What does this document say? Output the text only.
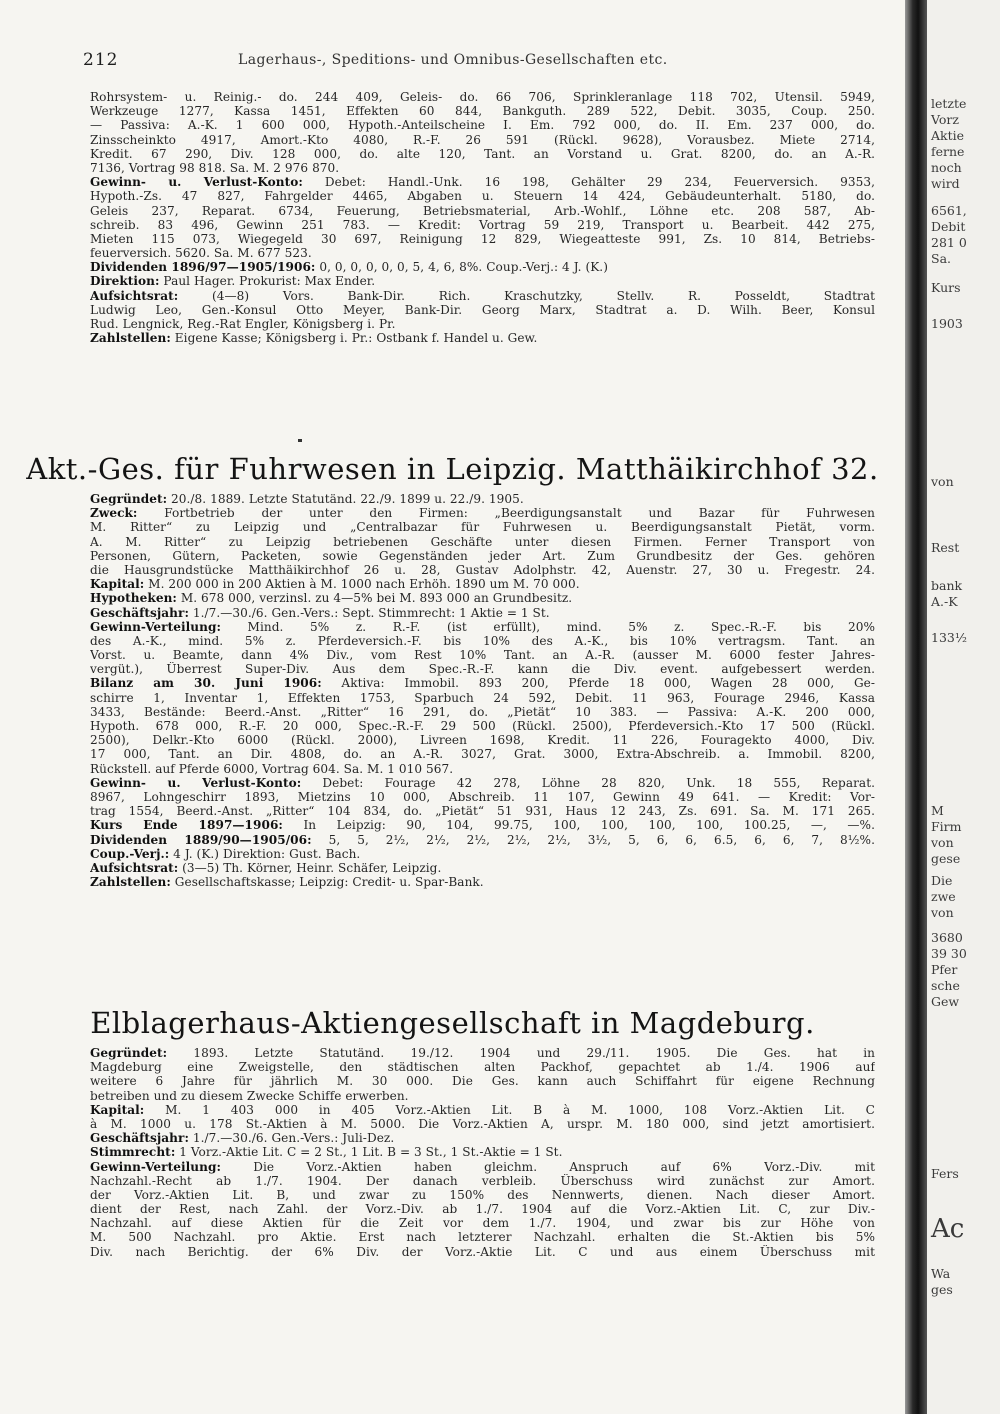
212	Lagerhaus-, Speditions- und Omnibus-Gesellschaften etc.
Rohrsystem- u. Reinig.- do. 244 409, Geleis- do. 66 706, Sprinkleranlage 118 702, Utensil. 5949,
Werkzeuge 1277, Kassa 1451, Effekten 60 844, Bankguth. 289 522, Debit. 3035, Coup. 250.
— Passiva: A.-K. 1 600 000, Hypoth.-Anteilscheine I. Em. 792 000, do. II. Em. 237 000, do.
Zinsscheinkto 4917, Amort.-Kto 4080, R.-F. 26 591 (Rückl. 9628), Vorausbez. Miete 2714,
Kredit. 67 290, Div. 128 000, do. alte 120, Tant. an Vorstand u. Grat. 8200, do. an A.-R.
7136, Vortrag 98 818. Sa. M. 2 976 870.
Gewinn- u. Verlust-Konto: Debet: Handl.-Unk. 16 198, Gehälter 29 234, Feuerversich. 9353,
Hypoth.-Zs. 47 827, Fahrgelder 4465, Abgaben u. Steuern 14 424, Gebäudeunterhalt. 5180, do.
Geleis 237, Reparat. 6734, Feuerung, Betriebsmaterial, Arb.-Wohlf., Löhne etc. 208 587, Ab-
schreib. 83 496, Gewinn 251 783. — Kredit: Vortrag 59 219, Transport u. Bearbeit. 442 275,
Mieten 115 073, Wiegegeld 30 697, Reinigung 12 829, Wiegeatteste 991, Zs. 10 814, Betriebs-
feuerversich. 5620. Sa. M. 677 523.
Dividenden 1896/97—1905/1906: 0, 0, 0, 0, 0, 0, 5, 4, 6, 8%. Coup.-Verj.: 4 J. (K.)
Direktion: Paul Hager. Prokurist: Max Ender.
Aufsichtsrat: (4—8) Vors. Bank-Dir. Rich. Kraschutzky, Stellv. R. Posseldt, Stadtrat
Ludwig Leo, Gen.-Konsul Otto Meyer, Bank-Dir. Georg Marx, Stadtrat a. D. Wilh. Beer, Konsul
Rud. Lengnick, Reg.-Rat Engler, Königsberg i. Pr.
Zahlstellen: Eigene Kasse; Königsberg i. Pr.: Ostbank f. Handel u. Gew.
Akt.-Ges. für Fuhrwesen in Leipzig. Matthäikirchhof 32.
Gegründet: 20./8. 1889. Letzte Statutänd. 22./9. 1899 u. 22./9. 1905.
Zweck: Fortbetrieb der unter den Firmen: „Beerdigungsanstalt und Bazar für Fuhrwesen
M. Ritter“ zu Leipzig und „Centralbazar für Fuhrwesen u. Beerdigungsanstalt Pietät, vorm.
A. M. Ritter“ zu Leipzig betriebenen Geschäfte unter diesen Firmen. Ferner Transport von
Personen, Gütern, Packeten, sowie Gegenständen jeder Art. Zum Grundbesitz der Ges. gehören
die Hausgrundstücke Matthäikirchhof 26 u. 28, Gustav Adolphstr. 42, Auenstr. 27, 30 u. Fregestr. 24.
Kapital: M. 200 000 in 200 Aktien à M. 1000 nach Erhöh. 1890 um M. 70 000.
Hypotheken: M. 678 000, verzinsl. zu 4—5% bei M. 893 000 an Grundbesitz.
Geschäftsjahr: 1./7.—30./6. Gen.-Vers.: Sept. Stimmrecht: 1 Aktie = 1 St.
Gewinn-Verteilung: Mind. 5% z. R.-F. (ist erfüllt), mind. 5% z. Spec.-R.-F. bis 20%
des A.-K., mind. 5% z. Pferdeversich.-F. bis 10% des A.-K., bis 10% vertragsm. Tant. an
Vorst. u. Beamte, dann 4% Div., vom Rest 10% Tant. an A.-R. (ausser M. 6000 fester Jahres-
vergüt.), Überrest Super-Div. Aus dem Spec.-R.-F. kann die Div. event. aufgebessert werden.
Bilanz am 30. Juni 1906: Aktiva: Immobil. 893 200, Pferde 18 000, Wagen 28 000, Ge-
schirre 1, Inventar 1, Effekten 1753, Sparbuch 24 592, Debit. 11 963, Fourage 2946, Kassa
3433, Bestände: Beerd.-Anst. „Ritter“ 16 291, do. „Pietät“ 10 383. — Passiva: A.-K. 200 000,
Hypoth. 678 000, R.-F. 20 000, Spec.-R.-F. 29 500 (Rückl. 2500), Pferdeversich.-Kto 17 500 (Rückl.
2500), Delkr.-Kto 6000 (Rückl. 2000), Livreen 1698, Kredit. 11 226, Fouragekto 4000, Div.
17 000, Tant. an Dir. 4808, do. an A.-R. 3027, Grat. 3000, Extra-Abschreib. a. Immobil. 8200,
Rückstell. auf Pferde 6000, Vortrag 604. Sa. M. 1 010 567.
Gewinn- u. Verlust-Konto: Debet: Fourage 42 278, Löhne 28 820, Unk. 18 555, Reparat.
8967, Lohngeschirr 1893, Mietzins 10 000, Abschreib. 11 107, Gewinn 49 641. — Kredit: Vor-
trag 1554, Beerd.-Anst. „Ritter“ 104 834, do. „Pietät“ 51 931, Haus 12 243, Zs. 691. Sa. M. 171 265.
Kurs Ende 1897—1906: In Leipzig: 90, 104, 99.75, 100, 100, 100, 100, 100.25, —, —%.
Dividenden 1889/90—1905/06: 5, 5, 2½, 2½, 2½, 2½, 2½, 3½, 5, 6, 6, 6.5, 6, 6, 7, 8½%.
Coup.-Verj.: 4 J. (K.) Direktion: Gust. Bach.
Aufsichtsrat: (3—5) Th. Körner, Heinr. Schäfer, Leipzig.
Zahlstellen: Gesellschaftskasse; Leipzig: Credit- u. Spar-Bank.
Elblagerhaus-Aktiengesellschaft in Magdeburg.
Gegründet: 1893. Letzte Statutänd. 19./12. 1904 und 29./11. 1905. Die Ges. hat in
Magdeburg eine Zweigstelle, den städtischen alten Packhof, gepachtet ab 1./4. 1906 auf
weitere 6 Jahre für jährlich M. 30 000. Die Ges. kann auch Schiffahrt für eigene Rechnung
betreiben und zu diesem Zwecke Schiffe erwerben.
Kapital: M. 1 403 000 in 405 Vorz.-Aktien Lit. B à M. 1000, 108 Vorz.-Aktien Lit. C
à M. 1000 u. 178 St.-Aktien à M. 5000. Die Vorz.-Aktien A, urspr. M. 180 000, sind jetzt amortisiert.
Geschäftsjahr: 1./7.—30./6. Gen.-Vers.: Juli-Dez.
Stimmrecht: 1 Vorz.-Aktie Lit. C = 2 St., 1 Lit. B = 3 St., 1 St.-Aktie = 1 St.
Gewinn-Verteilung: Die Vorz.-Aktien haben gleichm. Anspruch auf 6% Vorz.-Div. mit
Nachzahl.-Recht ab 1./7. 1904. Der danach verbleib. Überschuss wird zunächst zur Amort.
der Vorz.-Aktien Lit. B, und zwar zu 150% des Nennwerts, dienen. Nach dieser Amort.
dient der Rest, nach Zahl. der Vorz.-Div. ab 1./7. 1904 auf die Vorz.-Aktien Lit. C, zur Div.-
Nachzahl. auf diese Aktien für die Zeit vor dem 1./7. 1904, und zwar bis zur Höhe von
M. 500 Nachzahl. pro Aktie. Erst nach letzterer Nachzahl. erhalten die St.-Aktien bis 5%
Div. nach Berichtig. der 6% Div. der Vorz.-Aktie Lit. C und aus einem Überschuss mit
letzte
Vorz
Aktie
ferne
noch
wird
6561,
Debit
281 0
Sa.
Kurs
1903
von
Rest
bank
A.-K
133½
M
Firm
von
gese
Die
zwe
von
3680
39 30
Pfer
sche
Gew
Fers
Ac
Wa
ges
